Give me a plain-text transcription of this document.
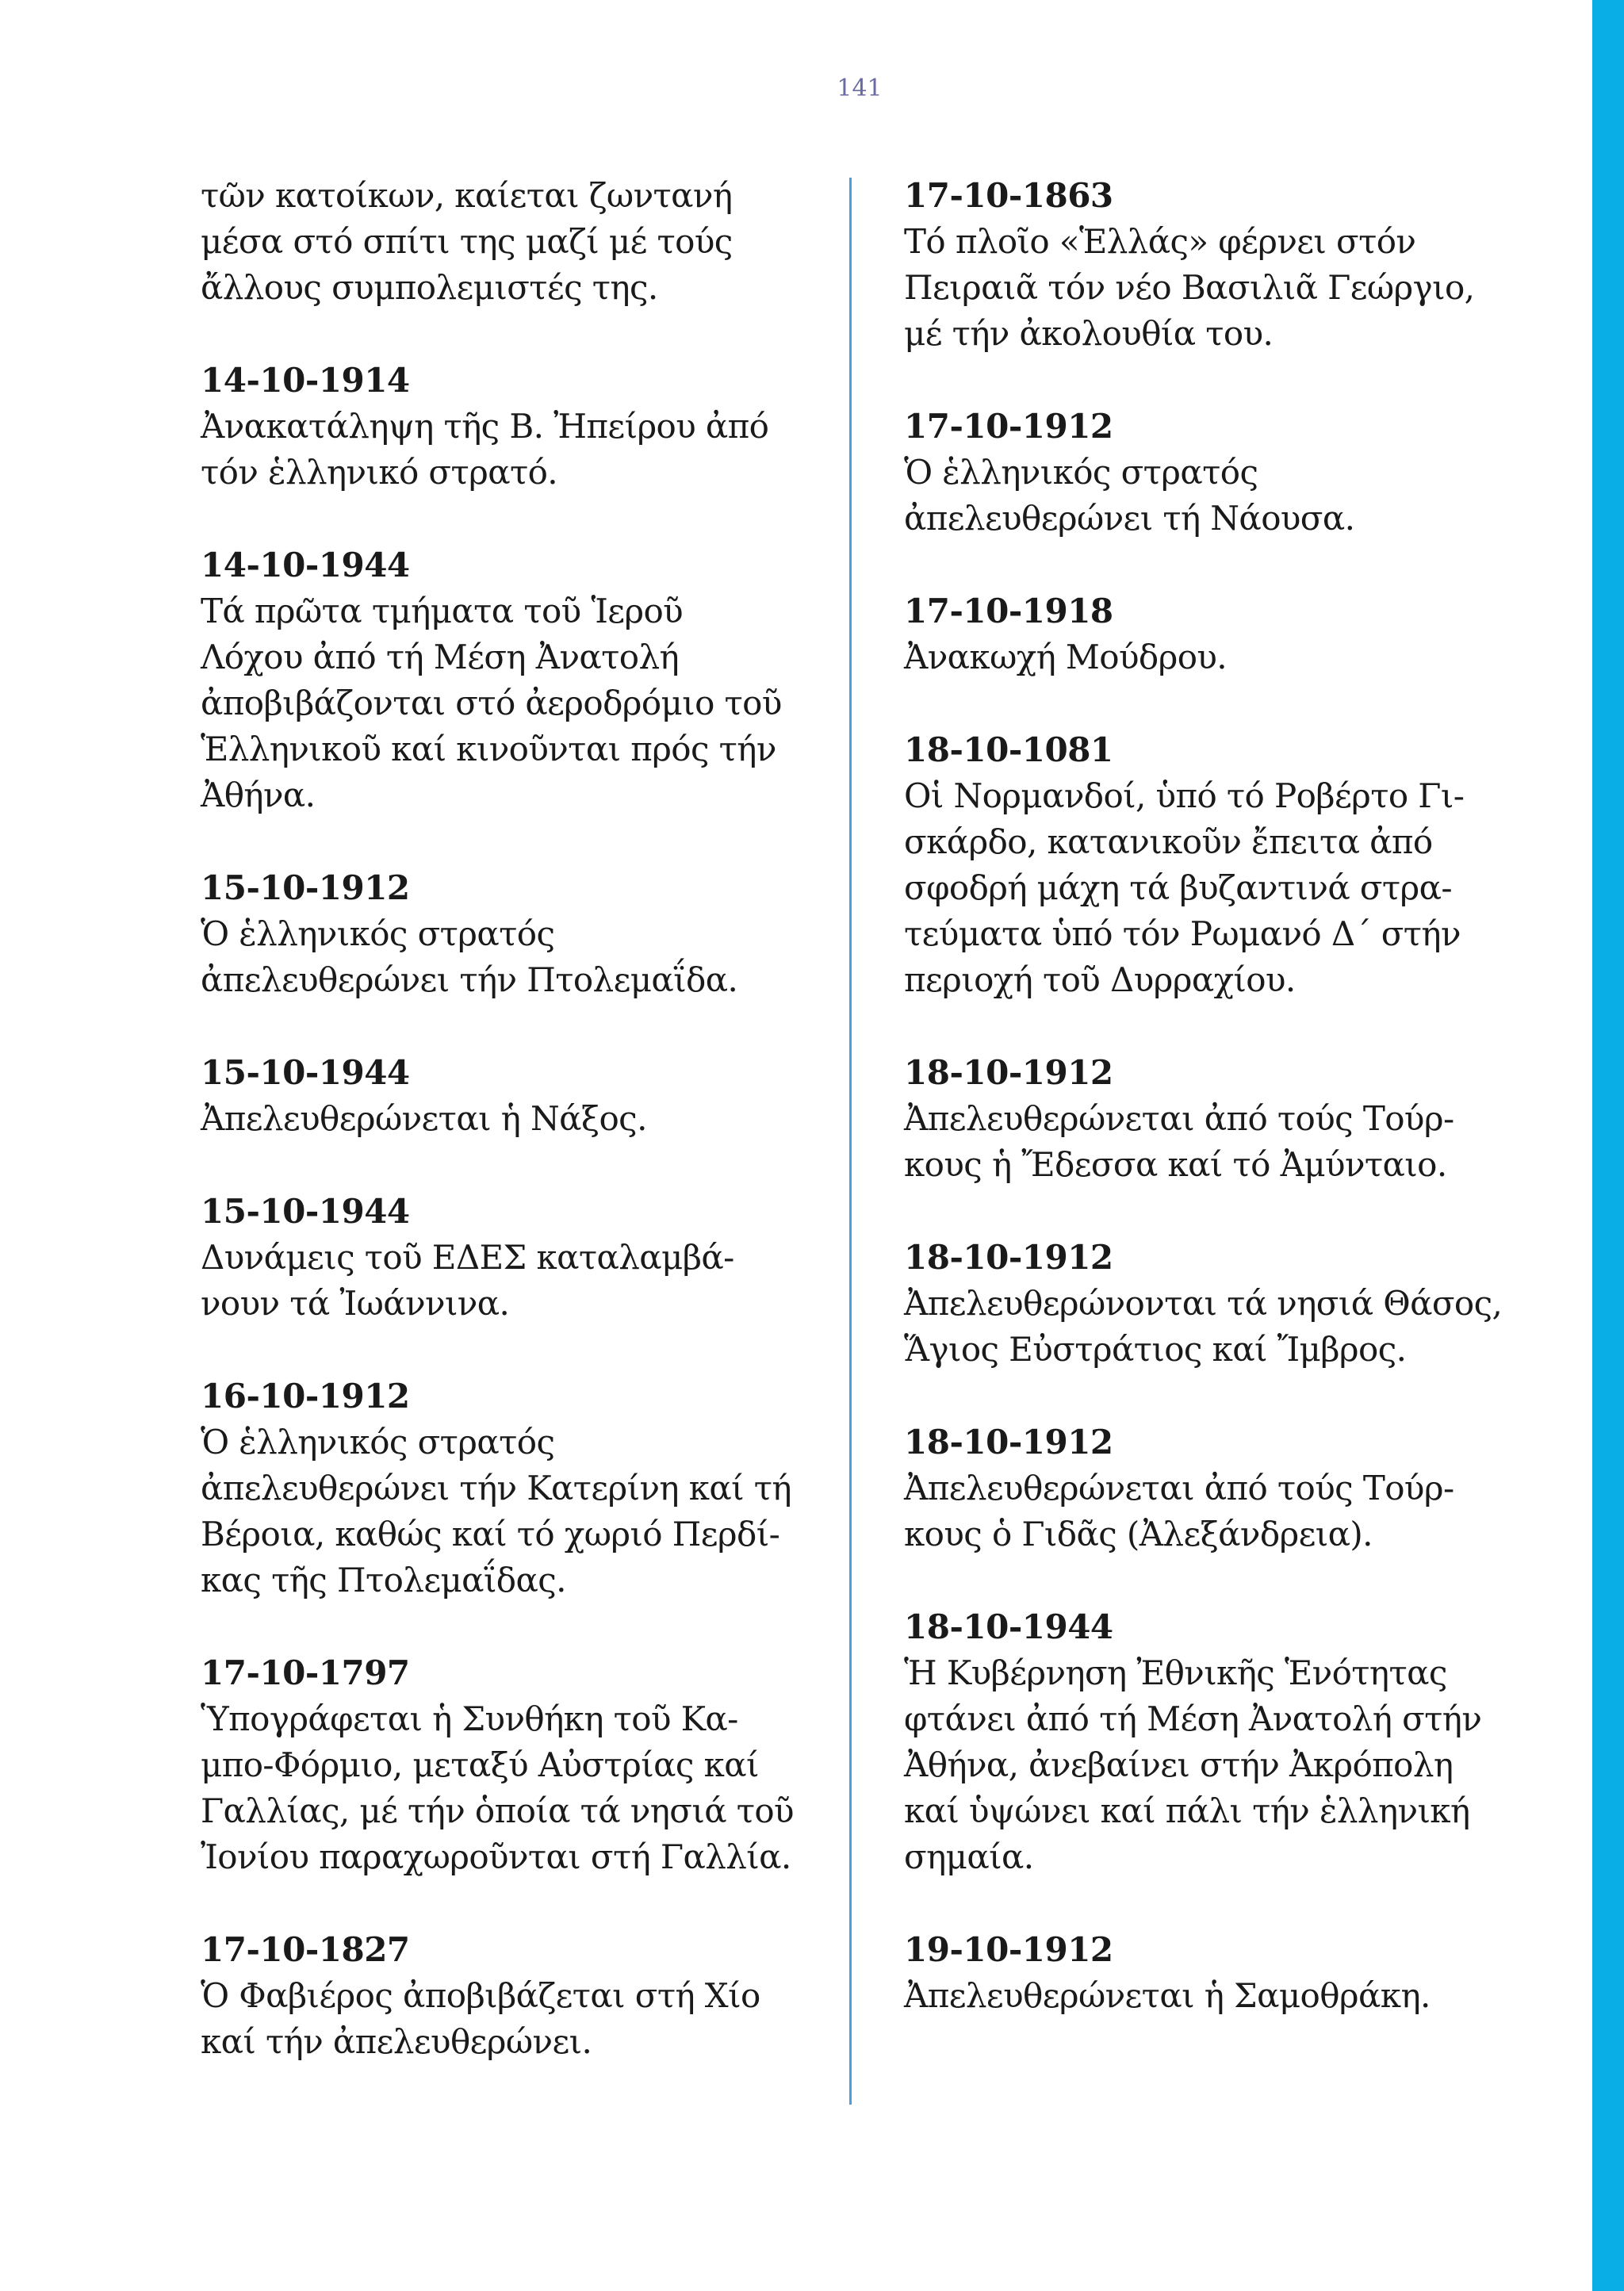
141
τῶν κατοίκων, καίεται ζωντανή
μέσα στό σπίτι της μαζί μέ τούς
ἄλλους συμπολεμιστές της.
14-10-1914
Ἀνακατάληψη τῆς Β. Ἠπείρου ἀπό
τόν ἑλληνικό στρατό.
14-10-1944
Τά πρῶτα τμήματα τοῦ Ἱεροῦ
Λόχου ἀπό τή Μέση Ἀνατολή
ἀποβιβάζονται στό ἀεροδρόμιο τοῦ
Ἑλληνικοῦ καί κινοῦνται πρός τήν
Ἀθήνα.
15-10-1912
Ὁ ἑλληνικός στρατός
ἀπελευθερώνει τήν Πτολεμαΐδα.
15-10-1944
Ἀπελευθερώνεται ἡ Νάξος.
15-10-1944
Δυνάμεις τοῦ ΕΔΕΣ καταλαμβά-
νουν τά Ἰωάννινα.
16-10-1912
Ὁ ἑλληνικός στρατός
ἀπελευθερώνει τήν Κατερίνη καί τή
Βέροια, καθώς καί τό χωριό Περδί-
κας τῆς Πτολεμαΐδας.
17-10-1797
Ὑπογράφεται ἡ Συνθήκη τοῦ Κα-
μπο-Φόρμιο, μεταξύ Αὐστρίας καί
Γαλλίας, μέ τήν ὁποία τά νησιά τοῦ
Ἰονίου παραχωροῦνται στή Γαλλία.
17-10-1827
Ὁ Φαβιέρος ἀποβιβάζεται στή Χίο
καί τήν ἀπελευθερώνει.
17-10-1863
Τό πλοῖο «Ἑλλάς» φέρνει στόν
Πειραιᾶ τόν νέο Βασιλιᾶ Γεώργιο,
μέ τήν ἀκολουθία του.
17-10-1912
Ὁ ἑλληνικός στρατός
ἀπελευθερώνει τή Νάουσα.
17-10-1918
Ἀνακωχή Μούδρου.
18-10-1081
Οἱ Νορμανδοί, ὑπό τό Ροβέρτο Γι-
σκάρδο, κατανικοῦν ἔπειτα ἀπό
σφοδρή μάχη τά βυζαντινά στρα-
τεύματα ὑπό τόν Ρωμανό Δ΄ στήν
περιοχή τοῦ Δυρραχίου.
18-10-1912
Ἀπελευθερώνεται ἀπό τούς Τούρ-
κους ἡ Ἔδεσσα καί τό Ἀμύνταιο.
18-10-1912
Ἀπελευθερώνονται τά νησιά Θάσος,
Ἅγιος Εὐστράτιος καί Ἴμβρος.
18-10-1912
Ἀπελευθερώνεται ἀπό τούς Τούρ-
κους ὁ Γιδᾶς (Ἀλεξάνδρεια).
18-10-1944
Ἡ Κυβέρνηση Ἐθνικῆς Ἑνότητας
φτάνει ἀπό τή Μέση Ἀνατολή στήν
Ἀθήνα, ἀνεβαίνει στήν Ἀκρόπολη
καί ὑψώνει καί πάλι τήν ἑλληνική
σημαία.
19-10-1912
Ἀπελευθερώνεται ἡ Σαμοθράκη.
